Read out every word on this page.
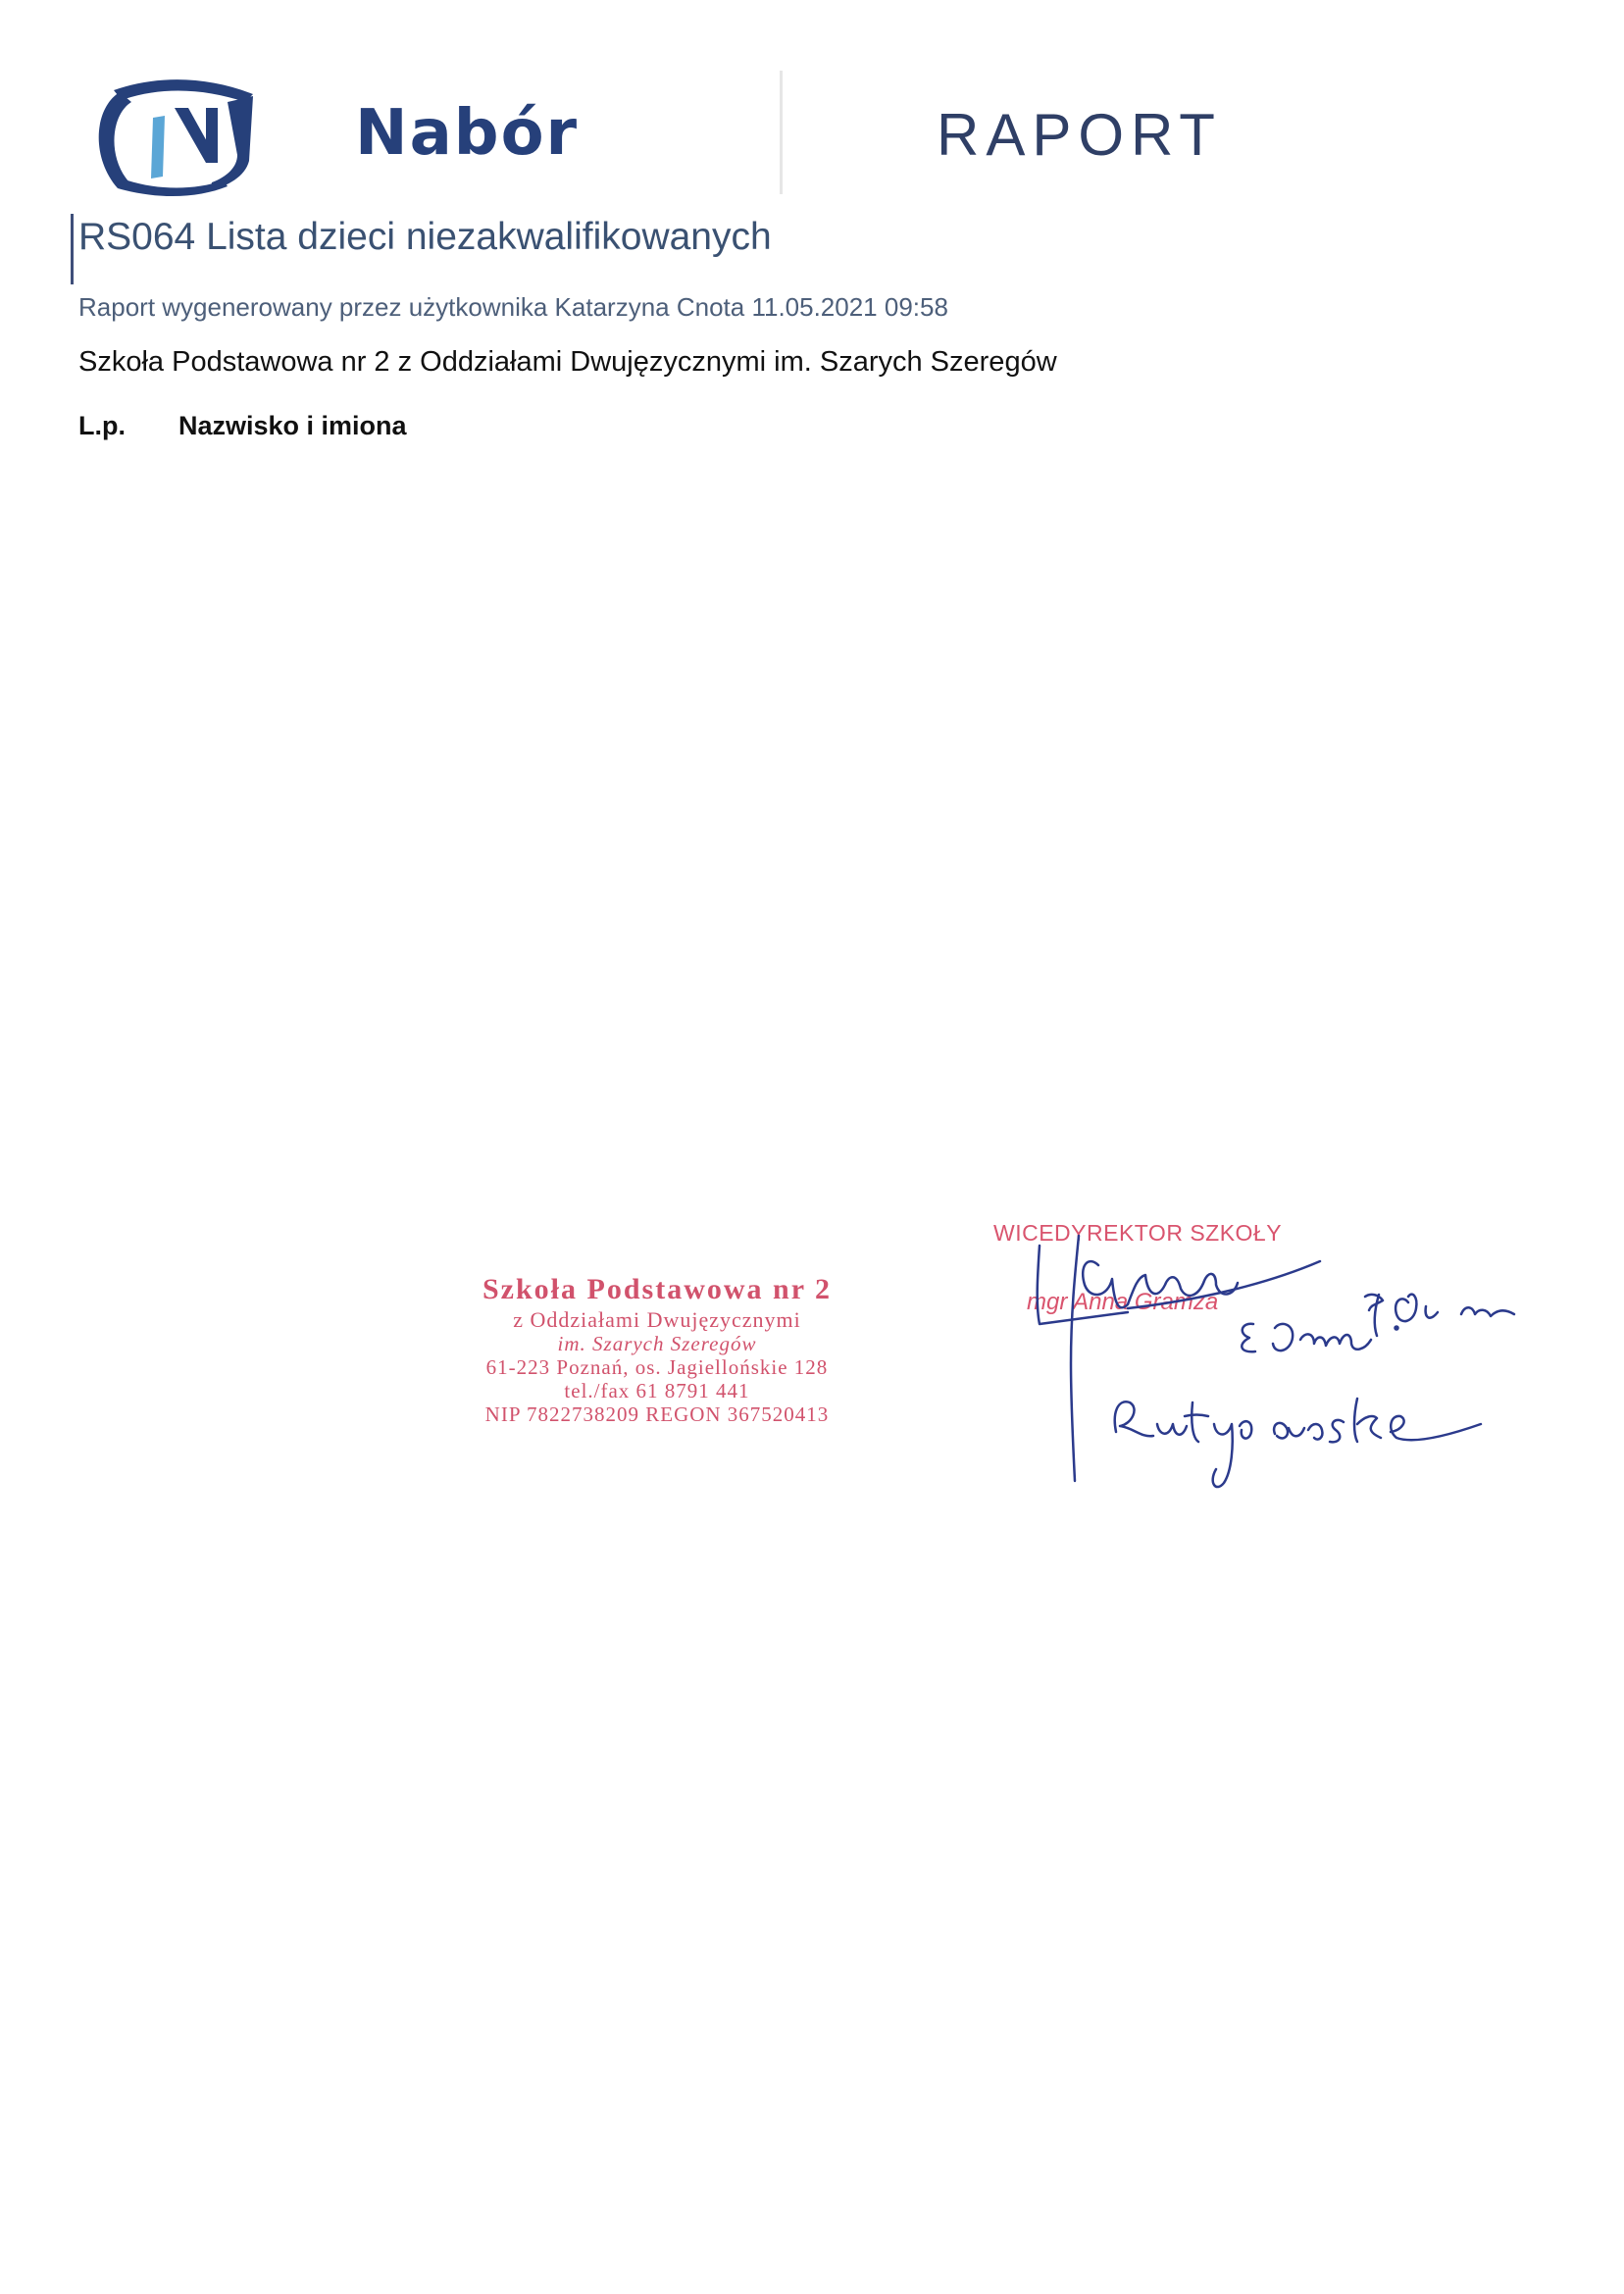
Nabór	RAPORT
RS064 Lista dzieci niezakwalifikowanych
Raport wygenerowany przez użytkownika Katarzyna Cnota 11.05.2021 09:58
Szkoła Podstawowa nr 2 z Oddziałami Dwujęzycznymi im. Szarych Szeregów
L.p. Nazwisko i imiona
Szkoła Podstawowa nr 2
z Oddziałami Dwujęzycznymi
im. Szarych Szeregów
61-223 Poznań, os. Jagiellońskie 128
tel./fax 61 8791 441
NIP 7822738209 REGON 367520413
WICEDYREKTOR SZKOŁY
mgr Anna Gramza
